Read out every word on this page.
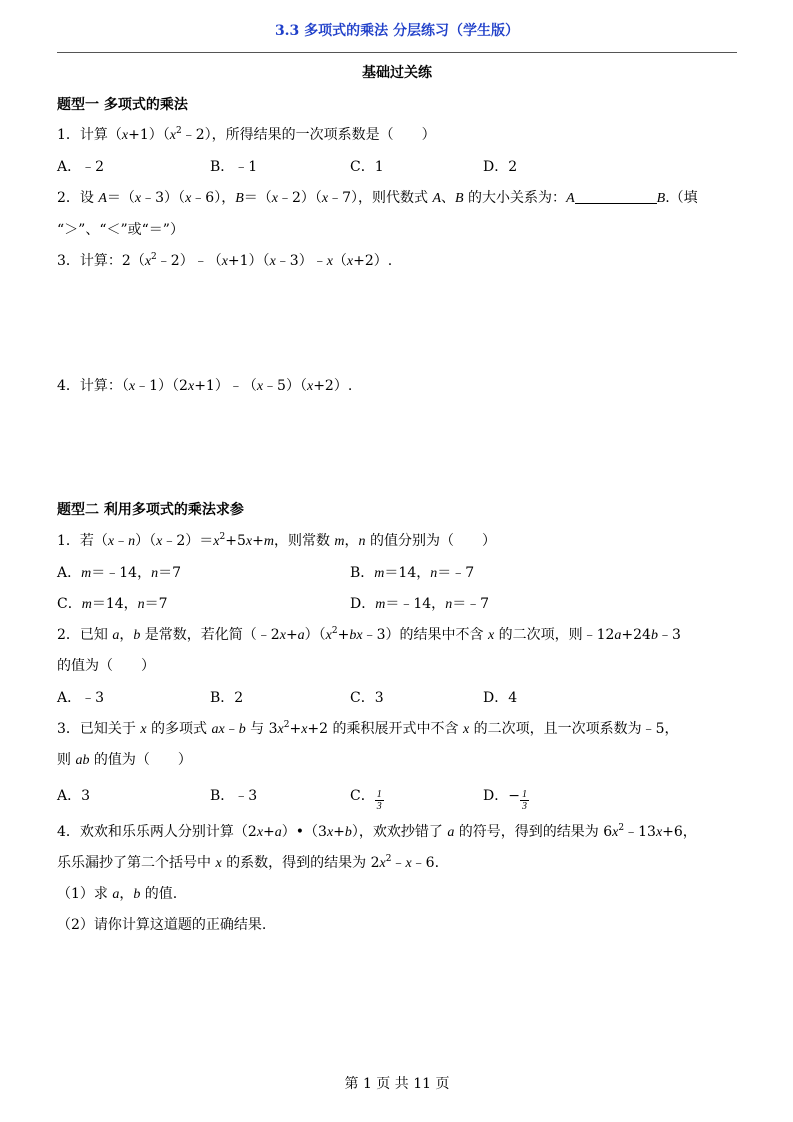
3.3 多项式的乘法 分层练习（学生版）
基础过关练
题型一 多项式的乘法
1．计算$(x+1)(x^2﹣2)$，所得结果的一次项系数是（　　）
A．﹣2	B．﹣1	C．1	D．2
2．设 A＝（x﹣3）（x﹣6），B＝（x﹣2）（x﹣7），则代数式 A、B 的大小关系为：A	B.（填
“＞”、“＜”或“＝”）
3．计算：$2(x^2﹣2)﹣(x+1)(x﹣3)﹣x(x+2)$.
4．计算：（x﹣1）（2x+1）﹣（x﹣5）（x+2）.
题型二 利用多项式的乘法求参
1．若$(x﹣n)(x﹣2)=x^2+5x+m$，则常数 m，n 的值分别为（　　）
A．m＝﹣14，n＝7	B．m＝14，n＝﹣7
C．m＝14，n＝7	D．m＝﹣14，n＝﹣7
2．已知 a，b 是常数，若化简$(﹣2x+a)(x^2+bx﹣3)$的结果中不含 x 的二次项，则﹣12a+24b﹣3
的值为（　　）
A．﹣3	B．2	C．3	D．4
3．已知关于 x 的多项式 ax﹣b 与 $3x^2+x+2$ 的乘积展开式中不含 x 的二次项，且一次项系数为﹣5，
则 ab 的值为（　　）
A．3	B．﹣3	C． $\frac{1}{3}$	D．− $\frac{1}{3}$
4．欢欢和乐乐两人分别计算（2x+a）•（3x+b），欢欢抄错了 a 的符号，得到的结果为 $6x^2﹣13x+6$，
乐乐漏抄了第二个括号中 x 的系数，得到的结果为 $2x^2﹣x﹣6$.
（1）求 a，b 的值.
（2）请你计算这道题的正确结果.
第 1 页 共 11 页
